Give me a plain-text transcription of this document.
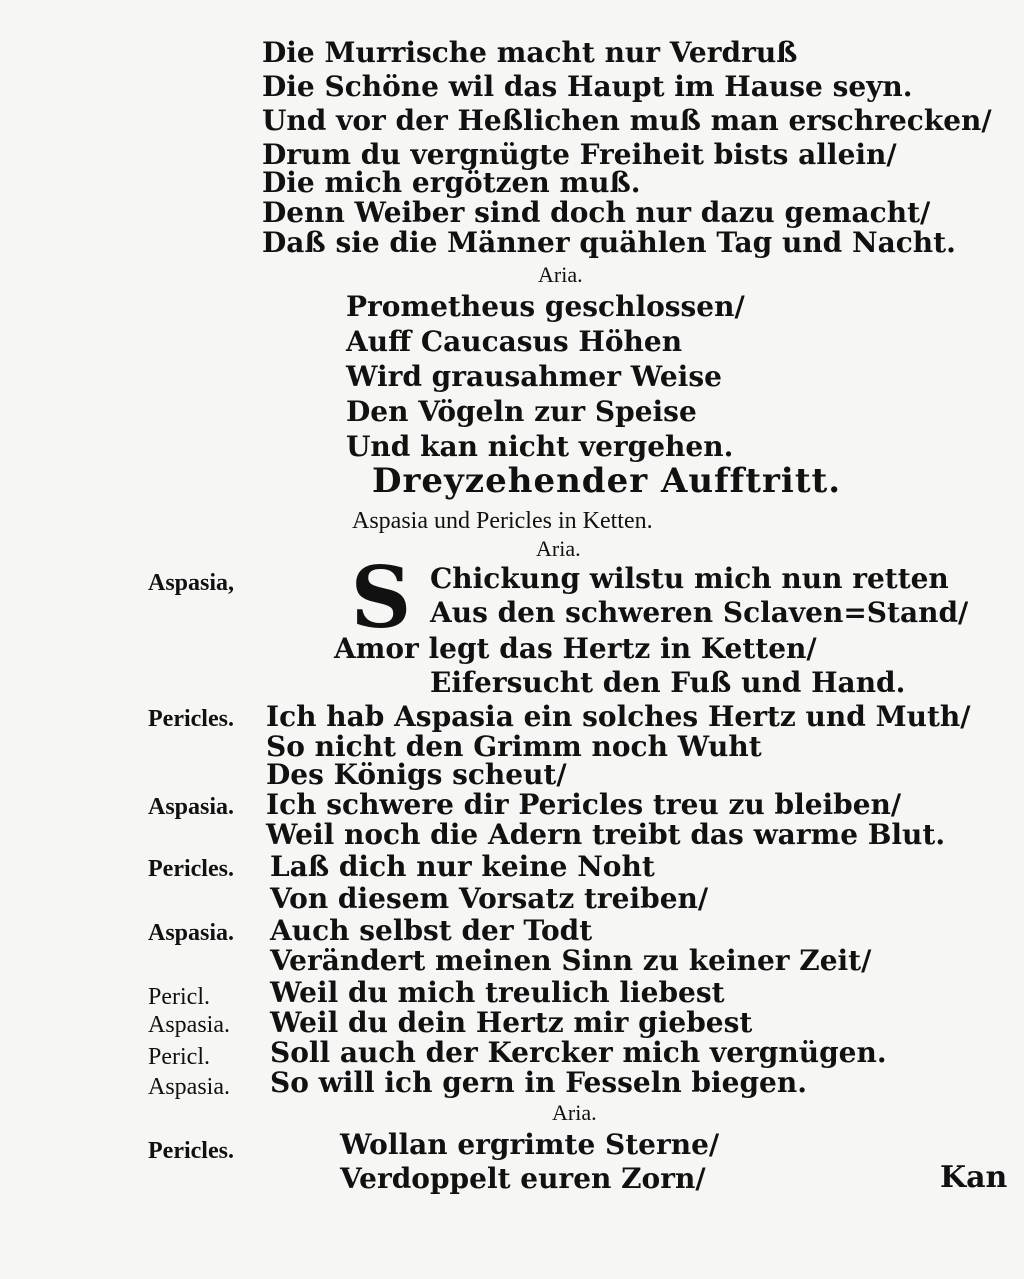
Die Murrische macht nur Verdruß
Die Schöne wil das Haupt im Hause seyn.
Und vor der Heßlichen muß man erschrecken/
Drum du vergnügte Freiheit bists allein/
Die mich ergötzen muß.
Denn Weiber sind doch nur dazu gemacht/
Daß sie die Männer quählen Tag und Nacht.
Aria.
Prometheus geschlossen/
Auff Caucasus Höhen
Wird grausahmer Weise
Den Vögeln zur Speise
Und kan nicht vergehen.
Dreyzehender Aufftritt.
Aspasia und Pericles in Ketten.
Aria.
Aspasia, S Chickung wilstu mich nun retten
Aus den schweren Sclaven=Stand/
Amor legt das Hertz in Ketten/
Eifersucht den Fuß und Hand.
Pericles. Ich hab Aspasia ein solches Hertz und Muth/
So nicht den Grimm noch Wuht
Des Königs scheut/
Aspasia. Ich schwere dir Pericles treu zu bleiben/
Weil noch die Adern treibt das warme Blut.
Pericles. Laß dich nur keine Noht
Von diesem Vorsatz treiben/
Aspasia. Auch selbst der Todt
Verändert meinen Sinn zu keiner Zeit/
Pericl. Weil du mich treulich liebest
Aspasia. Weil du dein Hertz mir giebest
Pericl. Soll auch der Kercker mich vergnügen.
Aspasia. So will ich gern in Fesseln biegen.
Aria.
Pericles.	Wollan ergrimte Sterne/
Verdoppelt euren Zorn/	Kan
